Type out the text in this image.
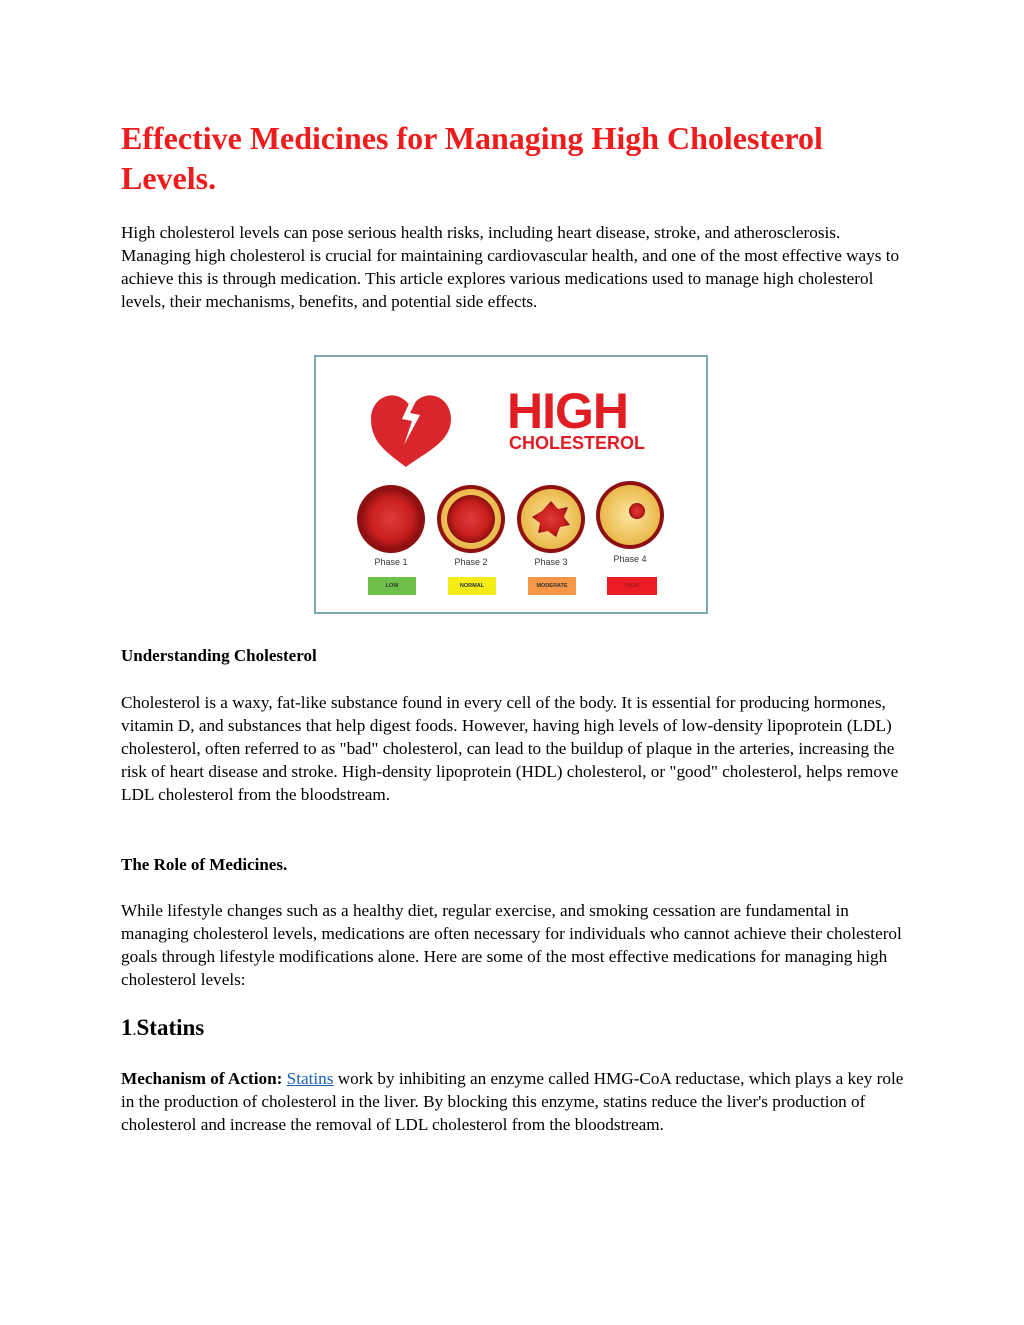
Effective Medicines for Managing High Cholesterol Levels.

High cholesterol levels can pose serious health risks, including heart disease, stroke, and atherosclerosis. Managing high cholesterol is crucial for maintaining cardiovascular health, and one of the most effective ways to achieve this is through medication. This article explores various medications used to manage high cholesterol levels, their mechanisms, benefits, and potential side effects.

HIGH
CHOLESTEROL
Phase 1	Phase 2	Phase 3	Phase 4
LOW	NORMAL	MODERATE	HIGH
Understanding Cholesterol

Cholesterol is a waxy, fat-like substance found in every cell of the body. It is essential for producing hormones, vitamin D, and substances that help digest foods. However, having high levels of low-density lipoprotein (LDL) cholesterol, often referred to as "bad" cholesterol, can lead to the buildup of plaque in the arteries, increasing the risk of heart disease and stroke. High-density lipoprotein (HDL) cholesterol, or "good" cholesterol, helps remove LDL cholesterol from the bloodstream.

The Role of Medicines.

While lifestyle changes such as a healthy diet, regular exercise, and smoking cessation are fundamental in managing cholesterol levels, medications are often necessary for individuals who cannot achieve their cholesterol goals through lifestyle modifications alone. Here are some of the most effective medications for managing high cholesterol levels:

1.Statins

Mechanism of Action: Statins work by inhibiting an enzyme called HMG-CoA reductase, which plays a key role in the production of cholesterol in the liver. By blocking this enzyme, statins reduce the liver's production of cholesterol and increase the removal of LDL cholesterol from the bloodstream.
